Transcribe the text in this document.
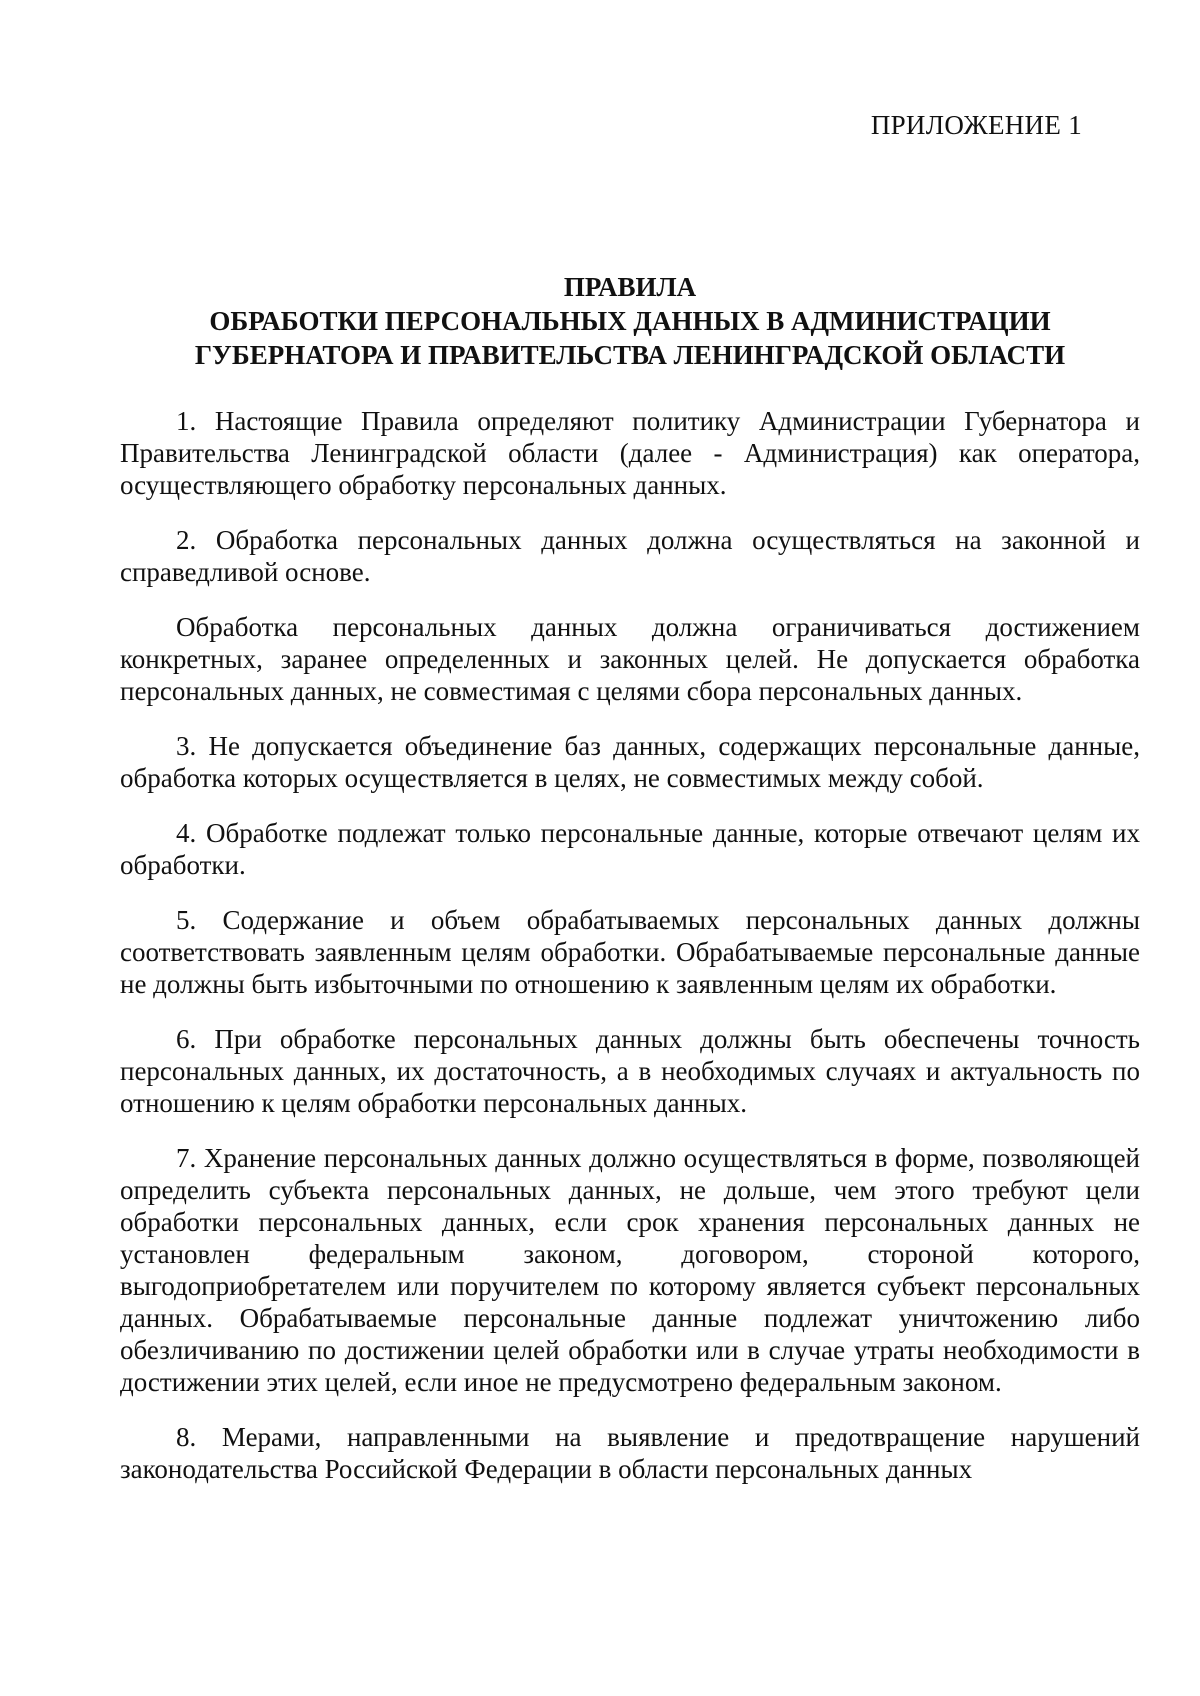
ПРИЛОЖЕНИЕ 1
ПРАВИЛА
ОБРАБОТКИ ПЕРСОНАЛЬНЫХ ДАННЫХ В АДМИНИСТРАЦИИ
ГУБЕРНАТОРА И ПРАВИТЕЛЬСТВА ЛЕНИНГРАДСКОЙ ОБЛАСТИ

1. Настоящие Правила определяют политику Администрации Губернатора и Правительства Ленинградской области (далее - Администрация) как оператора, осуществляющего обработку персональных данных.

2. Обработка персональных данных должна осуществляться на законной и справедливой основе.

Обработка персональных данных должна ограничиваться достижением конкретных, заранее определенных и законных целей. Не допускается обработка персональных данных, не совместимая с целями сбора персональных данных.

3. Не допускается объединение баз данных, содержащих персональные данные, обработка которых осуществляется в целях, не совместимых между собой.

4. Обработке подлежат только персональные данные, которые отвечают целям их обработки.

5. Содержание и объем обрабатываемых персональных данных должны соответствовать заявленным целям обработки. Обрабатываемые персональные данные не должны быть избыточными по отношению к заявленным целям их обработки.

6. При обработке персональных данных должны быть обеспечены точность персональных данных, их достаточность, а в необходимых случаях и актуальность по отношению к целям обработки персональных данных.

7. Хранение персональных данных должно осуществляться в форме, позволяющей определить субъекта персональных данных, не дольше, чем этого требуют цели обработки персональных данных, если срок хранения персональных данных не установлен федеральным законом, договором, стороной которого, выгодоприобретателем или поручителем по которому является субъект персональных данных. Обрабатываемые персональные данные подлежат уничтожению либо обезличиванию по достижении целей обработки или в случае утраты необходимости в достижении этих целей, если иное не предусмотрено федеральным законом.

8. Мерами, направленными на выявление и предотвращение нарушений законодательства Российской Федерации в области персональных данных
